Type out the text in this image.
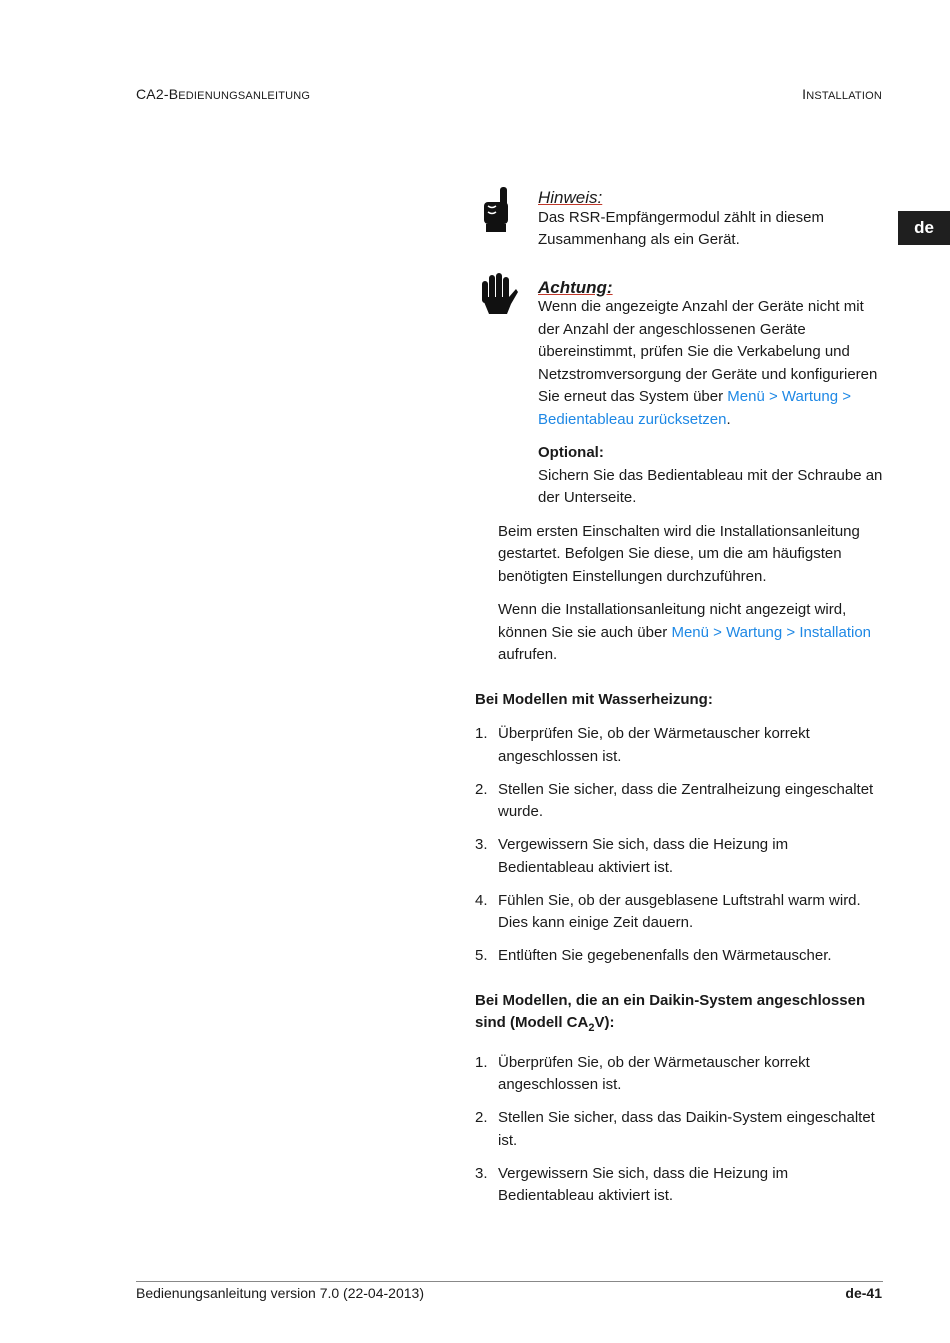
CA2-BEDIENUNGSANLEITUNG	INSTALLATION
de
Hinweis:

Das RSR-Empfängermodul zählt in diesem Zusammenhang als ein Gerät.

Achtung:

Wenn die angezeigte Anzahl der Geräte nicht mit der Anzahl der angeschlossenen Geräte übereinstimmt, prüfen Sie die Verkabelung und Netzstromversorgung der Geräte und konfigurieren Sie erneut das System über Menü > Wartung > Bedientableau zurücksetzen.

Optional:

Sichern Sie das Bedientableau mit der Schraube an der Unterseite.

Beim ersten Einschalten wird die Installationsanleitung gestartet. Befolgen Sie diese, um die am häufigsten benötigten Einstellungen durchzuführen.

Wenn die Installationsanleitung nicht angezeigt wird, können Sie sie auch über Menü > Wartung > Installation aufrufen.

Bei Modellen mit Wasserheizung:

1. Überprüfen Sie, ob der Wärmetauscher korrekt angeschlossen ist.
2. Stellen Sie sicher, dass die Zentralheizung eingeschaltet wurde.
3. Vergewissern Sie sich, dass die Heizung im Bedientableau aktiviert ist.
4. Fühlen Sie, ob der ausgeblasene Luftstrahl warm wird. Dies kann einige Zeit dauern.
5. Entlüften Sie gegebenenfalls den Wärmetauscher.

Bei Modellen, die an ein Daikin-System angeschlossen sind (Modell $CA_2V$):

1. Überprüfen Sie, ob der Wärmetauscher korrekt angeschlossen ist.
2. Stellen Sie sicher, dass das Daikin-System eingeschaltet ist.
3. Vergewissern Sie sich, dass die Heizung im Bedientableau aktiviert ist.
Bedienungsanleitung version 7.0 (22-04-2013)	de-41
